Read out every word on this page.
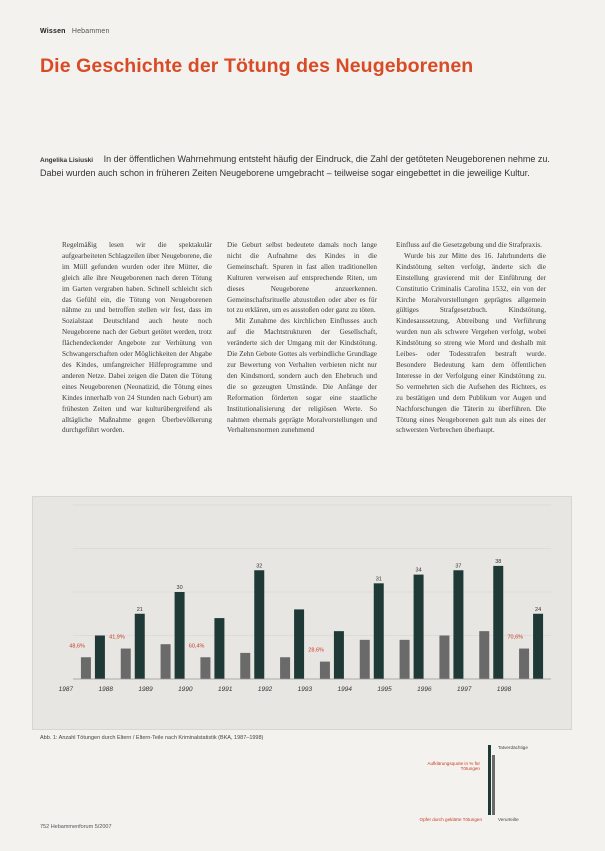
Wissen Hebammen
Die Geschichte der Tötung des Neugeborenen
Angelika Lisiuski In der öffentlichen Wahrnehmung entsteht häufig der Eindruck, die Zahl der getöteten Neugeborenen nehme zu. Dabei wurden auch schon in früheren Zeiten Neugeborene umgebracht – teilweise sogar eingebettet in die jeweilige Kultur.

Regelmäßig lesen wir die spektakulär aufgearbeiteten Schlagzeilen über Neugeborene, die im Müll gefunden wurden oder ihre Mütter, die gleich alle ihre Neugeborenen nach deren Tötung im Garten vergraben haben. Schnell schleicht sich das Gefühl ein, die Tötung von Neugeborenen nähme zu und betroffen stellen wir fest, dass im Sozialstaat Deutschland auch heute noch Neugeborene nach der Geburt getötet werden, trotz flächendeckender Angebote zur Verhütung von Schwangerschaften oder Möglichkeiten der Abgabe des Kindes, umfangreicher Hilfeprogramme und anderen Netze. Dabei zeigen die Daten die Tötung eines Neugeborenen (Neonatizid, die Tötung eines Kindes innerhalb von 24 Stunden nach Geburt) am frühesten Zeiten und war kulturübergreifend als alltägliche Maßnahme gegen Überbevölkerung durchgeführt worden.

Die Geburt selbst bedeutete damals noch lange nicht die Aufnahme des Kindes in die Gemeinschaft. Spuren in fast allen traditionellen Kulturen verweisen auf entsprechende Riten, um dieses Neugeborene anzuerkennen. Gemeinschaftsrituelle abzustoßen oder aber es für tot zu erklären, um es ausstoßen oder ganz zu töten.

Mit Zunahme des kirchlichen Einflusses auch auf die Machtstrukturen der Gesellschaft, veränderte sich der Umgang mit der Kindstötung. Die Zehn Gebote Gottes als verbindliche Grundlage zur Bewertung von Verhalten verbieten nicht nur den Kindsmord, sondern auch den Ehebruch und die so gezeugten Umstände. Die Anfänge der Reformation förderten sogar eine staatliche Institutionalisierung der religiösen Werte. So nahmen ehemals geprägte Moralvorstellungen und Verhaltensnormen zunehmend

Einfluss auf die Gesetzgebung und die Strafpraxis.

Wurde bis zur Mitte des 16. Jahrhunderts die Kindstötung selten verfolgt, änderte sich die Einstellung gravierend mit der Einführung der Constitutio Criminalis Carolina 1532, ein von der Kirche Moralvorstellungen geprägtes allgemein gültiges Strafgesetzbuch. Kindstötung, Kindesaussetzung, Abtreibung und Verführung wurden nun als schwere Vergehen verfolgt, wobei Kindstötung so streng wie Mord und deshalb mit Leibes- oder Todesstrafen bestraft wurde. Besondere Bedeutung kam dem öffentlichen Interesse in der Verfolgung einer Kindstötung zu. So vermehrten sich die Aufsehen des Richters, es zu bestätigen und dem Publikum vor Augen und Nachforschungen die Täterin zu überführen. Die Tötung eines Neugeborenen galt nun als eines der schwersten Verbrechen überhaupt.

48,6%
1987
21
41,9%
1988
30
1989
60,4%
1990
32
1991	1992
28,6%
1993
31
1994
34
1995
37
1996
38
1997
24
70,6%
1998
Abb. 1: Anzahl Tötungen durch Eltern / Eltern-Teile nach Kriminalstatistik (BKA, 1987–1998)
Aufklärungsquote in % für Tötungen
Tatverdächtige
Opfer durch geklärte Tötungen	Verurteilte
752 Hebammenforum 5/2007
